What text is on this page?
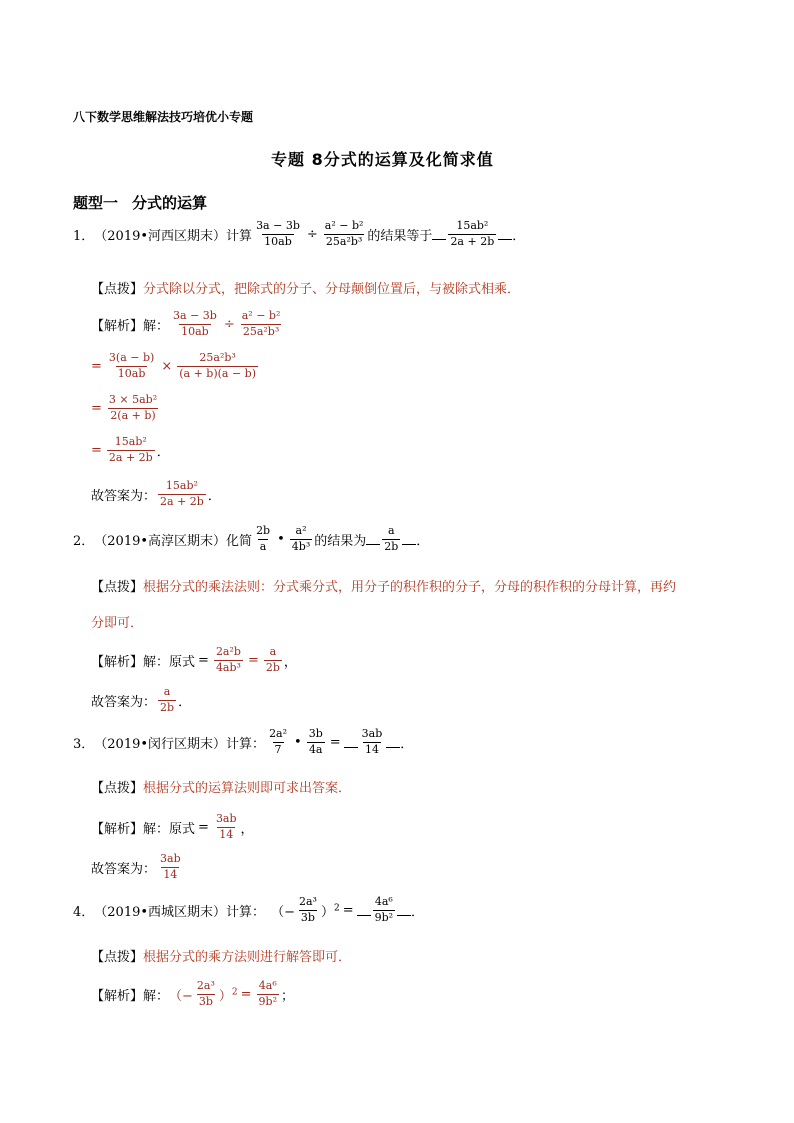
八下数学思维解法技巧培优小专题
专题 8分式的运算及化简求值
题型一 分式的运算
1． （2019•河西区期末） 计算 $\frac{3a - 3b}{10ab} \div \frac{\text{a² − b²}}{\text{25a²b³}}$ 的结果等于 $\frac{\text{15ab²}}{2a + 2b}$ ．
【点拨】 分式除以分式，把除式的分子、分母颠倒位置后，与被除式相乘．
【解析】解： $\frac{3a - 3b}{10ab} \div \frac{\text{a² − b²}}{\text{25a²b³}}$
= $\frac{3(a - b)}{10ab} \times \frac{\text{25a²b³}}{(a + b)(a - b)}$
= $\frac{\text{3 × 5ab²}}{2(a + b)}$
= $\frac{\text{15ab²}}{2a + 2b}$ ．
故答案为： $\frac{\text{15ab²}}{2a + 2b}$ ．
2． （2019•高淳区期末） 化简 $\frac{2b}{a}$ • $\frac{\text{a²}}{\text{4b³}}$ 的结果为 $\frac{a}{2b}$ ．
【点拨】 根据分式的乘法法则：分式乘分式，用分子的积作积的分子，分母的积作积的分母计算，再约
分即可．
【解析】解： 原式 = $\frac{\text{2a²b}}{\text{4ab³}} = \frac{a}{2b}$ ，
故答案为： $\frac{a}{2b}$ ．
3． （2019•闵行区期末） 计算： $\frac{\text{2a²}}{7}$ • $\frac{3b}{4a} = \frac{3ab}{14}$ ．
【点拨】 根据分式的运算法则即可求出答案．
【解析】解： 原式 = $\frac{3ab}{14}$ ，
故答案为： $\frac{3ab}{14}$
4． （2019•西城区期末） 计算： （− $\frac{\text{2a³}}{3b} )^2 = \frac{\text{4a⁶}}{\text{9b²}}$ ．
【点拨】 根据分式的乘方法则进行解答即可．
【解析】解： （− $\frac{\text{2a³}}{3b} )^2 = \frac{\text{4a⁶}}{\text{9b²}}$ ；
